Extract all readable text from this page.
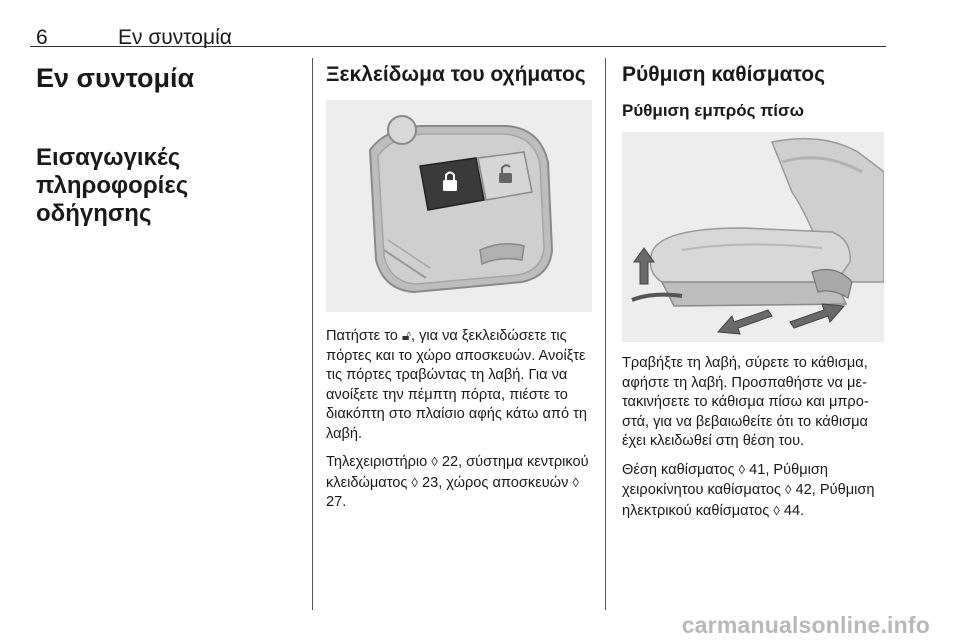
6	Εν συντομία
Εν συντομία
Εισαγωγικές
πληροφορίες οδήγησης
Ξεκλείδωμα του οχήματος

Πατήστε το 🔓︎, για να ξεκλειδώσετε τις πόρτες και το χώρο αποσκευών. Ανοίξτε τις πόρτες τραβώντας τη λαβή. Για να ανοίξετε την πέμπτη πόρτα, πιέστε το διακόπτη στο πλαίσιο αφής κάτω από τη λαβή.

Τηλεχειριστήριο ◊ 22, σύστημα κεντρικού κλειδώματος ◊ 23, χώρος αποσκευών ◊ 27.

Ρύθμιση καθίσματος
Ρύθμιση εμπρός πίσω

Τραβήξτε τη λαβή, σύρετε το κάθισμα, αφήστε τη λαβή. Προσπαθήστε να μετακινήσετε το κάθισμα πίσω και μπροστά, για να βεβαιωθείτε ότι το κάθισμα έχει κλειδωθεί στη θέση του.

Θέση καθίσματος ◊ 41, Ρύθμιση χειροκίνητου καθίσματος ◊ 42, Ρύθμιση ηλεκτρικού καθίσματος ◊ 44.

carmanualsonline.info
